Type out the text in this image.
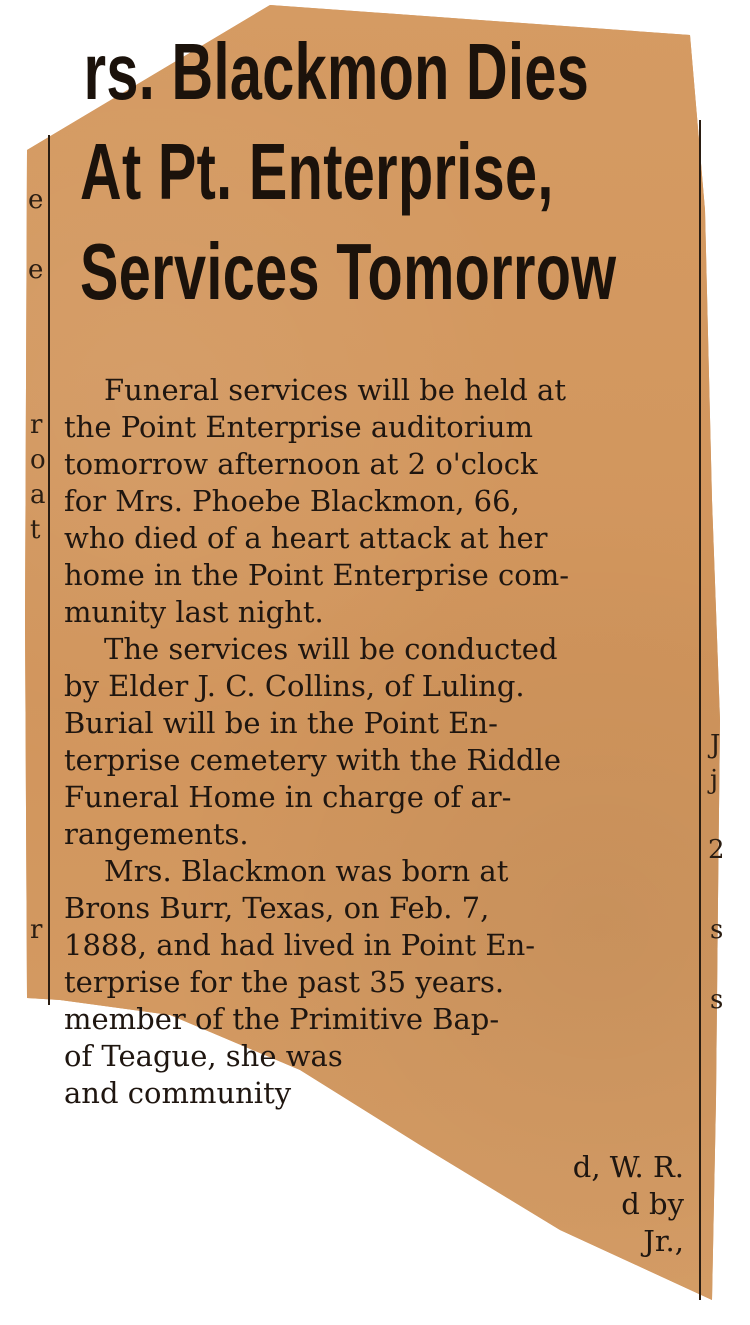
e
e
r
o
a
t
r
J
j
2
s
s
rs. Blackmon Dies
At Pt. Enterprise,
Services Tomorrow

Funeral services will be held at
the Point Enterprise auditorium
tomorrow afternoon at 2 o'clock
for Mrs. Phoebe Blackmon, 66,
who died of a heart attack at her
home in the Point Enterprise com-
munity last night.

The services will be conducted
by Elder J. C. Collins, of Luling.
Burial will be in the Point En-
terprise cemetery with the Riddle
Funeral Home in charge of ar-
rangements.

Mrs. Blackmon was born at
Brons Burr, Texas, on Feb. 7,
1888, and had lived in Point En-
terprise for the past 35 years.
member of the Primitive Bap-
of Teague, she was
and community

d, W. R.

d by

Jr.,
